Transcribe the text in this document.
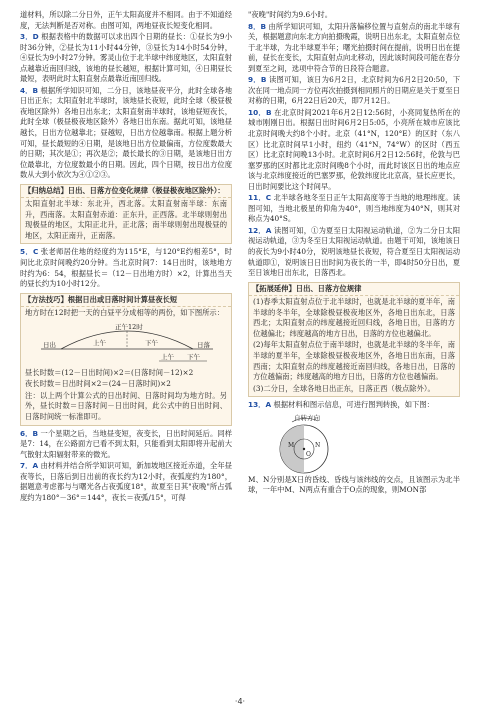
道材料，所以除二分日外，正午太阳高度并不相同。由于不知道经度，无法判断是否对称。由图可知，两地昼夜长短变化相同。

3．D 根据表格中的数据可以求出四个日期的昼长：①昼长为9小时36分钟，②昼长为11小时44分钟，③昼长为14小时54分钟，④昼长为9小时27分钟。雾灵山位于北半球中纬度地区，太阳直射点越靠近南回归线，该地的昼长越短，根据计算可知，④日期昼长最短，表明此时太阳直射点最靠近南回归线。

4．B 根据所学知识可知，二分日，该地昼夜平分，此时全球各地日出正东；太阳直射北半球时，该地昼长夜短，此时全球（极昼极夜地区除外）各地日出东北；太阳直射南半球时，该地昼短夜长，此时全球（极昼极夜地区除外）各地日出东南。据此可知，该地昼越长，日出方位越靠北；昼越短，日出方位越靠南。根据上题分析可知，昼长最短的④日期，是该地日出方位最偏南，方位度数最大的日期；其次是①；再次是②；最长最长的③日期，是该地日出方位最靠北，方位度数最小的日期。因此，四个日期，按日出方位度数从大到小依次为④①②③。

【归纳总结】日出、日落方位变化规律（极昼极夜地区除外）：
太阳直射北半球：东北升，西北落。太阳直射南半球：东南升，西南落。太阳直射赤道：正东升，正西落。北半球则射出现极昼的地区，太阳正北升，正北落；南半球则射出现极昼的地区，太阳正南升，正南落。

5．C 张老师居住地的经度约为115°E，与120°E约相差5°，时间比北京时间晚约20分钟。当北京时间7：14日出时，该地地方时约为6：54，根据昼长＝（12－日出地方时）×2，计算出当天的昼长约为10小时12分。

【方法技巧】根据日出或日落时间计算昼夜长短
地方时在12时把一天的白昼平分成相等的两份，如下图所示：
日出
正午12时
日落
上午	下午
上午 下午
昼长时数＝(12－日出时间)×2＝(日落时间－12)×2
夜长时数＝日出时间×2＝(24－日落时间)×2
注：以上两个计算公式的日出时间、日落时间均为地方时。另外，昼长时数＝日落时间－日出时间，此公式中的日出时间、日落时间统一标准即可。

6．B 一个星期之后，当地昼变短，夜变长，日出时间延后。同样是7：14，在公路面方已看不到太阳，只能看到太阳即将升起前大气散射太阳辐射带来的微光。

7．A 由材料并结合所学知识可知，新加坡地区接近赤道，全年昼夜等长，日落后到日出前的夜长约为12小时，夜弧度约为180°，据题意考虑都与与曙光各占夜弧度18°，故夏至日其"夜晚"所占弧度约为180°－36°＝144°，夜长＝夜弧/15°，可得

"夜晚"时间约为9.6小时。

8．B 由所学知识可知，太阳升落偏移位置与直射点的南北半球有关，根据题意向东北方向拍摄晚霞，说明日出东北，太阳直射点位于北半球，为北半球夏半年；曙光拍摄时间在提前，说明日出在提前，昼长在变长，太阳直射点向北移动，因此该时间段可能在春分到夏至之间，选项中符合节的日段符合题意。

9．B 读图可知，该日为6月2日，北京时间为6月2日20:50，下次在同一地点同一方位再次拍摄到相同照片的日期应是关于夏至日对称的日期，6月22日后20天，即7月12日。

10．B 在北京时间2021年6月2日12:56时，小亮同复热所在的城市刚刚日出。根据日出时间6月2日5:05，小亮所在城市应该比北京时间晚大约8个小时。北京（41°N，120°E）的区时（东八区）比北京时间早1小时，纽约（41°N，74°W）的区时（西五区）比北京时间晚13小时。北京时间6月2日12:56时，伦敦与巴塞罗那的区时都比北京时间晚8个小时，而此时该区日出的地点应该与北京纬度接近的巴塞罗那，伦敦纬度比北京高，昼长应更长，日出时间要比这个时间早。

11．C 北半球各地冬至日正午太阳高度等于当地的地理纬度。读图可知，当地北极星的仰角为40°，则当地纬度为40°N，则其对称点为40°S。

12．A 读图可知，①为夏至日太阳视运动轨道，②为二分日太阳视运动轨道，③为冬至日太阳视运动轨道。由题干可知，该地该日的夜长为9小时40分，说明该地昼长夜短，符合夏至日太阳视运动轨道即①，说明该日日出时间为夜长的一半，即4时50分日出，夏至日该地日出东北，日落西北。

【拓展延伸】日出、日落方位规律
(1)春季太阳直射点位于北半球时，也就是北半球的夏半年，南半球的冬半年，全球除极昼极夜地区外，各地日出东北，日落西北；太阳直射点的纬度越接近回归线，各地日出，日落的方位越偏北；纬度越高的地方日出，日落的方位也越偏北。
(2)每年太阳直射点位于南半球时，也就是北半球的冬半年，南半球的夏半年，全球除极昼极夜地区外，各地日出东南，日落西南；太阳直射点的纬度越接近南回归线，各地日出，日落的方位越偏南；纬度越高的地方日出，日落的方位也越偏南。
(3)二分日，全球各地日出正东，日落正西（极点除外）。

13．A 根据材料和图示信息，可进行图判转换，如下图：

自转方向
M	N
O

M、N分别是X日的昏线、昏线与该纬线的交点，且该图示为北半球，一年中M、N两点有重合于O点的现象，则MON部

·4·
